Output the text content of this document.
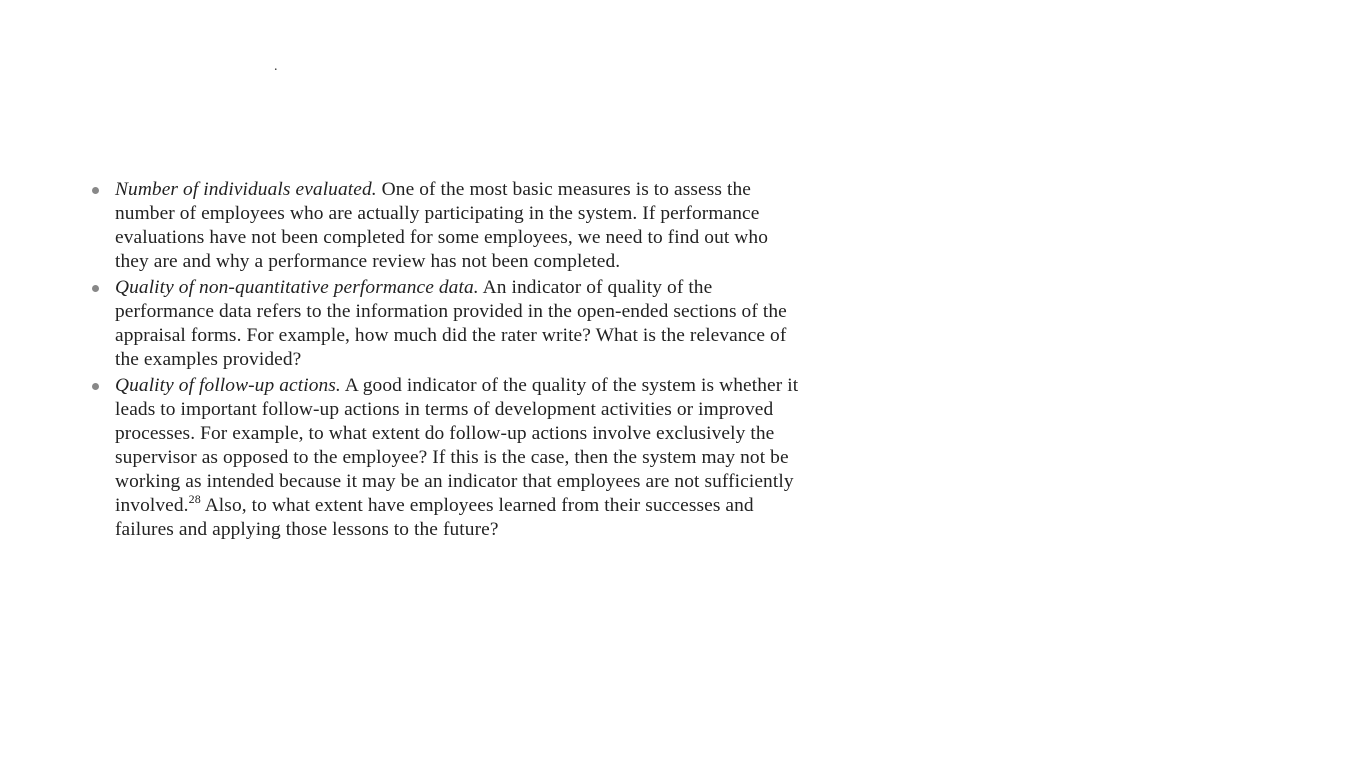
.
Number of individuals evaluated. One of the most basic measures is to assess the number of employees who are actually participating in the system. If performance evaluations have not been completed for some employees, we need to find out who they are and why a performance review has not been completed.
Quality of non-quantitative performance data. An indicator of quality of the performance data refers to the information provided in the open-ended sections of the appraisal forms. For example, how much did the rater write? What is the relevance of the examples provided?
Quality of follow-up actions. A good indicator of the quality of the system is whether it leads to important follow-up actions in terms of development activities or improved processes. For example, to what extent do follow-up actions involve exclusively the supervisor as opposed to the employee? If this is the case, then the system may not be working as intended because it may be an indicator that employees are not sufficiently involved.$^{28}$ Also, to what extent have employees learned from their successes and failures and applying those lessons to the future?
